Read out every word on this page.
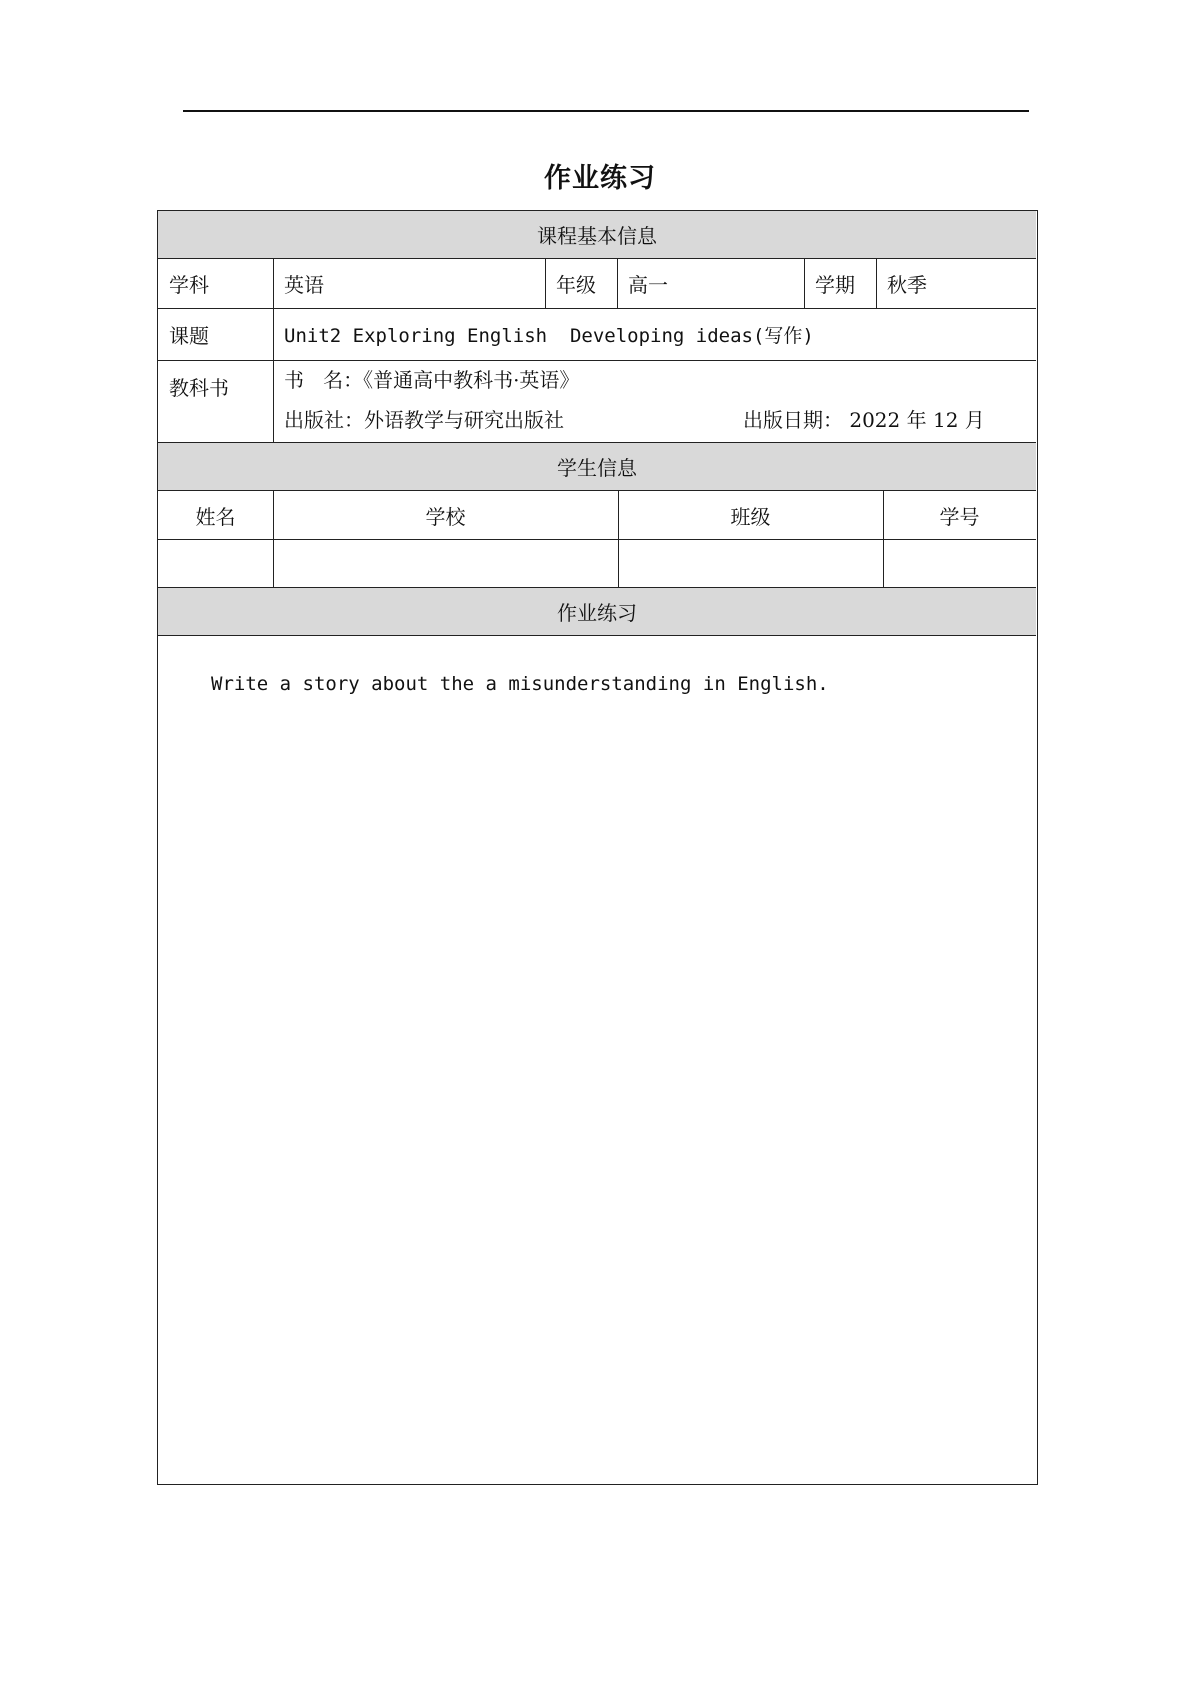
作业练习
课程基本信息
学科	英语	年级	高一	学期	秋季
课题	Unit2 Exploring English  Developing ideas(写作)
教科书	书   名：《普通高中教科书·英语》
出版社：外语教学与研究出版社	出版日期： 2022 年 12 月
学生信息
姓名	学校	班级	学号
作业练习
Write a story about the a misunderstanding in English.
